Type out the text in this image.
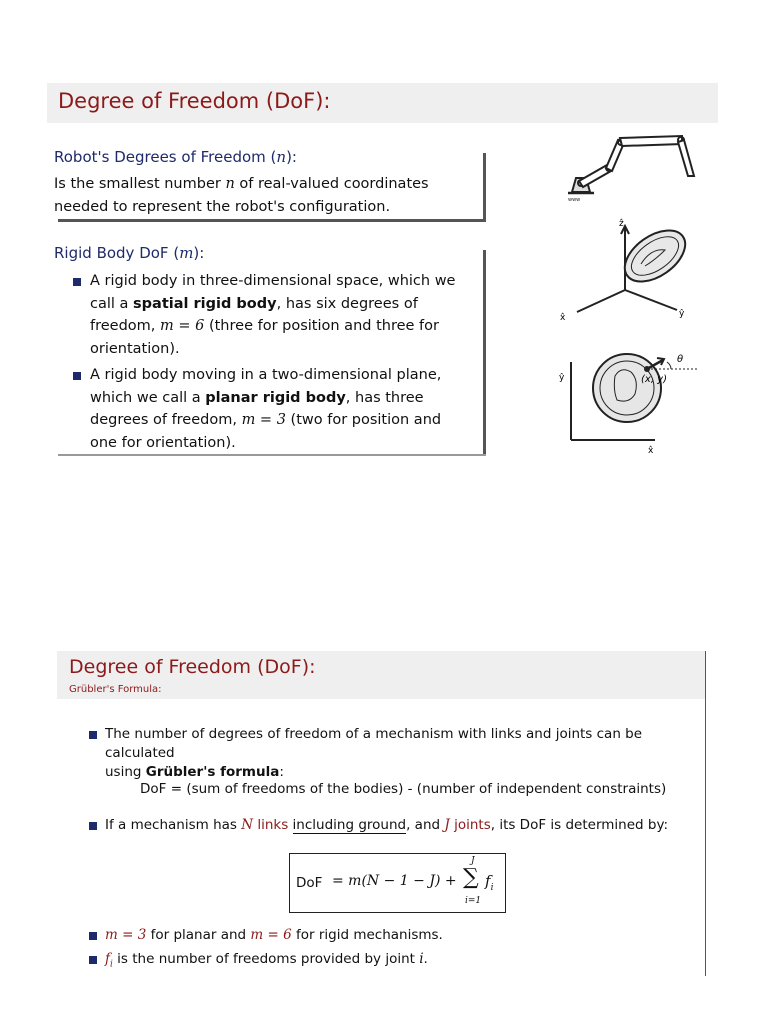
Degree of Freedom (DoF):
Robot's Degrees of Freedom (n):
Is the smallest number n of real-valued coordinates
needed to represent the robot's configuration.
Rigid Body DoF (m):
A rigid body in three-dimensional space, which we
call a spatial rigid body, has six degrees of
freedom, m = 6 (three for position and three for
orientation).
A rigid body moving in a two-dimensional plane,
which we call a planar rigid body, has three
degrees of freedom, m = 3 (two for position and
one for orientation).
www
ẑ
x̂	ŷ
ŷ
x̂
θ
(x, y)
Degree of Freedom (DoF):
Grübler's Formula:
The number of degrees of freedom of a mechanism with links and joints can be calculated
using Grübler's formula:
DoF = (sum of freedoms of the bodies) - (number of independent constraints)
If a mechanism has N links including ground, and J joints, its DoF is determined by:
DoF = m(N − 1 − J) +
J
∑
i=1
$f_i$
m = 3 for planar and m = 6 for rigid mechanisms.
$f_i$ is the number of freedoms provided by joint i.
